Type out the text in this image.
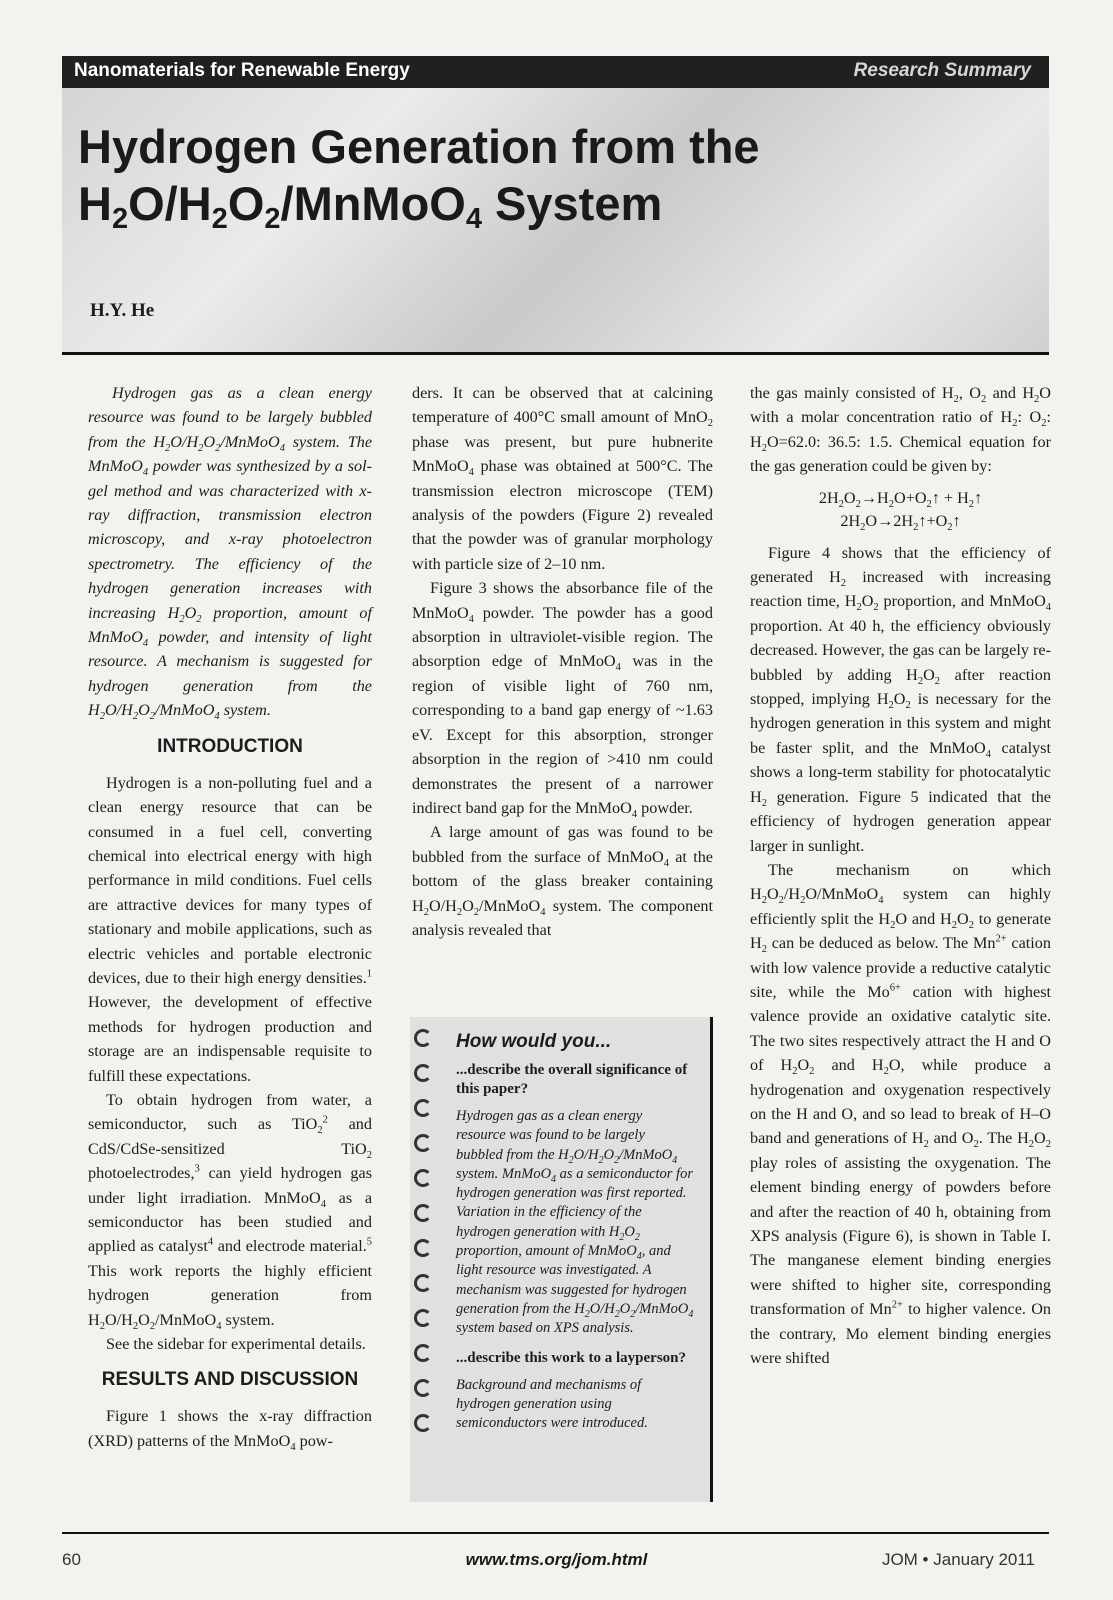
Nanomaterials for Renewable Energy	Research Summary
Hydrogen Generation from the
$H_2O/H_2O_2/MnMoO_4$ System
H.Y. He

Hydrogen gas as a clean energy resource was found to be largely bubbled from the $H_2O/H_2O_2/MnMoO_4$ system. The MnMoO$_4$ powder was synthesized by a sol-gel method and was characterized with x-ray diffraction, transmission electron microscopy, and x-ray photoelectron spectrometry. The efficiency of the hydrogen generation increases with increasing $H_2O_2$ proportion, amount of MnMoO$_4$ powder, and intensity of light resource. A mechanism is suggested for hydrogen generation from the $H_2O/H_2O_2/MnMoO_4$ system.

INTRODUCTION

Hydrogen is a non-polluting fuel and a clean energy resource that can be consumed in a fuel cell, converting chemical into electrical energy with high performance in mild conditions. Fuel cells are attractive devices for many types of stationary and mobile applications, such as electric vehicles and portable electronic devices, due to their high energy densities.$^1$ However, the development of effective methods for hydrogen production and storage are an indispensable requisite to fulfill these expectations.

To obtain hydrogen from water, a semiconductor, such as TiO$_2^2$ and CdS/CdSe-sensitized TiO$_2$ photoelectrodes,$^3$ can yield hydrogen gas under light irradiation. MnMoO$_4$ as a semiconductor has been studied and applied as catalyst$^4$ and electrode material.$^5$ This work reports the highly efficient hydrogen generation from $H_2O/H_2O_2/MnMoO_4$ system.

See the sidebar for experimental details.

RESULTS AND DISCUSSION

Figure 1 shows the x-ray diffraction (XRD) patterns of the MnMoO$_4$ pow-

ders. It can be observed that at calcining temperature of 400°C small amount of MnO$_2$ phase was present, but pure hubnerite MnMoO$_4$ phase was obtained at 500°C. The transmission electron microscope (TEM) analysis of the powders (Figure 2) revealed that the powder was of granular morphology with particle size of 2–10 nm.

Figure 3 shows the absorbance file of the MnMoO$_4$ powder. The powder has a good absorption in ultraviolet-visible region. The absorption edge of MnMoO$_4$ was in the region of visible light of 760 nm, corresponding to a band gap energy of ~1.63 eV. Except for this absorption, stronger absorption in the region of >410 nm could demonstrates the present of a narrower indirect band gap for the MnMoO$_4$ powder.

A large amount of gas was found to be bubbled from the surface of MnMoO$_4$ at the bottom of the glass breaker containing $H_2O/H_2O_2/MnMoO_4$ system. The component analysis revealed that

How would you...

...describe the overall significance of this paper?

Hydrogen gas as a clean energy resource was found to be largely bubbled from the $H_2O/H_2O_2/MnMoO_4$ system. MnMoO$_4$ as a semiconductor for hydrogen generation was first reported. Variation in the efficiency of the hydrogen generation with $H_2O_2$ proportion, amount of MnMoO$_4$, and light resource was investigated. A mechanism was suggested for hydrogen generation from the $H_2O/H_2O_2/MnMoO_4$ system based on XPS analysis.

...describe this work to a layperson?

Background and mechanisms of hydrogen generation using semiconductors were introduced.

the gas mainly consisted of $H_2$, $O_2$ and $H_2O$ with a molar concentration ratio of $H_2$: $O_2$: $H_2O=62.0$: 36.5: 1.5. Chemical equation for the gas generation could be given by:

$2H_2O_2\to H_2O+O_2↑$ + $H_2↑$
$2H_2O\to 2H_2↑+O_2↑$

Figure 4 shows that the efficiency of generated $H_2$ increased with increasing reaction time, $H_2O_2$ proportion, and MnMoO$_4$ proportion. At 40 h, the efficiency obviously decreased. However, the gas can be largely re-bubbled by adding $H_2O_2$ after reaction stopped, implying $H_2O_2$ is necessary for the hydrogen generation in this system and might be faster split, and the MnMoO$_4$ catalyst shows a long-term stability for photocatalytic $H_2$ generation. Figure 5 indicated that the efficiency of hydrogen generation appear larger in sunlight.

The mechanism on which $H_2O_2/H_2O/MnMoO_4$ system can highly efficiently split the $H_2O$ and $H_2O_2$ to generate $H_2$ can be deduced as below. The $Mn^{2+}$ cation with low valence provide a reductive catalytic site, while the $Mo^{6+}$ cation with highest valence provide an oxidative catalytic site. The two sites respectively attract the H and O of $H_2O_2$ and $H_2O$, while produce a hydrogenation and oxygenation respectively on the H and O, and so lead to break of H–O band and generations of $H_2$ and $O_2$. The $H_2O_2$ play roles of assisting the oxygenation. The element binding energy of powders before and after the reaction of 40 h, obtaining from XPS analysis (Figure 6), is shown in Table I. The manganese element binding energies were shifted to higher site, corresponding transformation of $Mn^{2+}$ to higher valence. On the contrary, Mo element binding energies were shifted

60	www.tms.org/jom.html	JOM • January 2011
